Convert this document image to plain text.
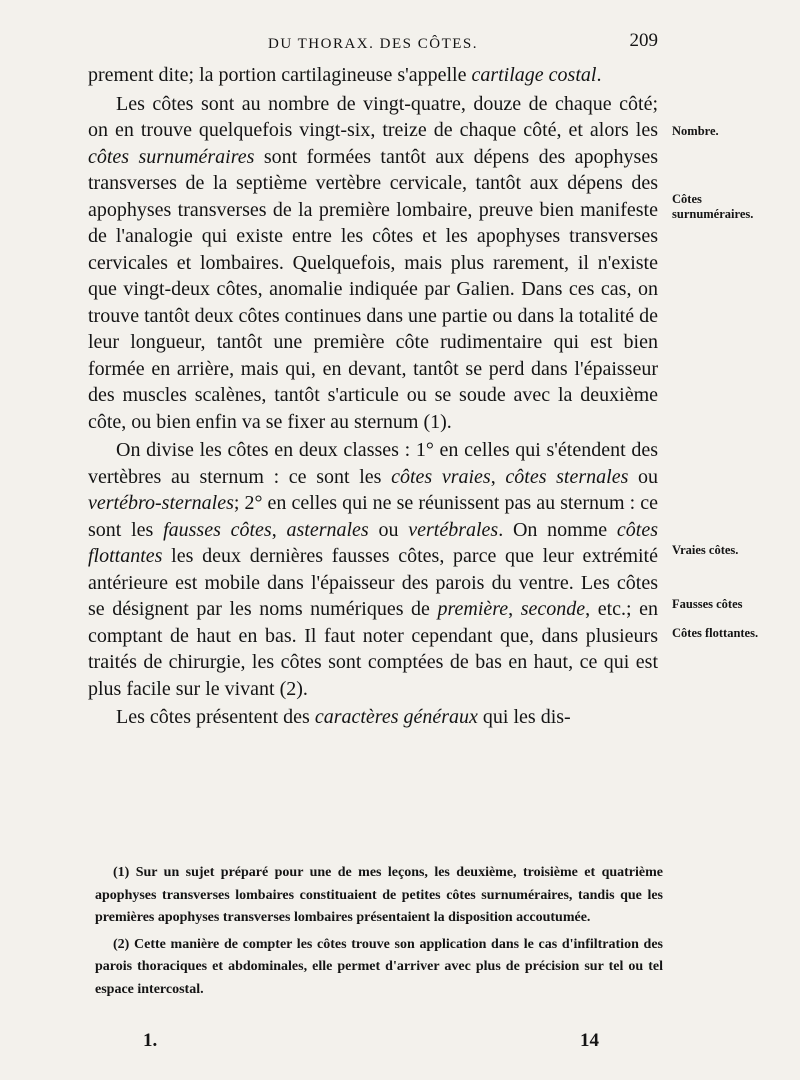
DU THORAX. DES CÔTES.	209

prement dite; la portion cartilagineuse s'appelle cartilage costal.

Les côtes sont au nombre de vingt-quatre, douze de chaque côté; on en trouve quelquefois vingt-six, treize de chaque côté, et alors les côtes surnuméraires sont formées tantôt aux dépens des apophyses transverses de la septième vertèbre cervicale, tantôt aux dépens des apophyses transverses de la première lombaire, preuve bien manifeste de l'analogie qui existe entre les côtes et les apophyses transverses cervicales et lombaires. Quelquefois, mais plus rarement, il n'existe que vingt-deux côtes, anomalie indiquée par Galien. Dans ces cas, on trouve tantôt deux côtes continues dans une partie ou dans la totalité de leur longueur, tantôt une première côte rudimentaire qui est bien formée en arrière, mais qui, en devant, tantôt se perd dans l'épaisseur des muscles scalènes, tantôt s'articule ou se soude avec la deuxième côte, ou bien enfin va se fixer au sternum (1).

On divise les côtes en deux classes : 1° en celles qui s'étendent des vertèbres au sternum : ce sont les côtes vraies, côtes sternales ou vertébro-sternales; 2° en celles qui ne se réunissent pas au sternum : ce sont les fausses côtes, asternales ou vertébrales. On nomme côtes flottantes les deux dernières fausses côtes, parce que leur extrémité antérieure est mobile dans l'épaisseur des parois du ventre. Les côtes se désignent par les noms numériques de première, seconde, etc.; en comptant de haut en bas. Il faut noter cependant que, dans plusieurs traités de chirurgie, les côtes sont comptées de bas en haut, ce qui est plus facile sur le vivant (2).

Les côtes présentent des caractères généraux qui les dis-

Nombre.
Côtes surnuméraires.
Vraies côtes.
Fausses côtes
Côtes flottantes.

(1) Sur un sujet préparé pour une de mes leçons, les deuxième, troisième et quatrième apophyses transverses lombaires constituaient de petites côtes surnuméraires, tandis que les premières apophyses transverses lombaires présentaient la disposition accoutumée.

(2) Cette manière de compter les côtes trouve son application dans le cas d'infiltration des parois thoraciques et abdominales, elle permet d'arriver avec plus de précision sur tel ou tel espace intercostal.

1.	14
